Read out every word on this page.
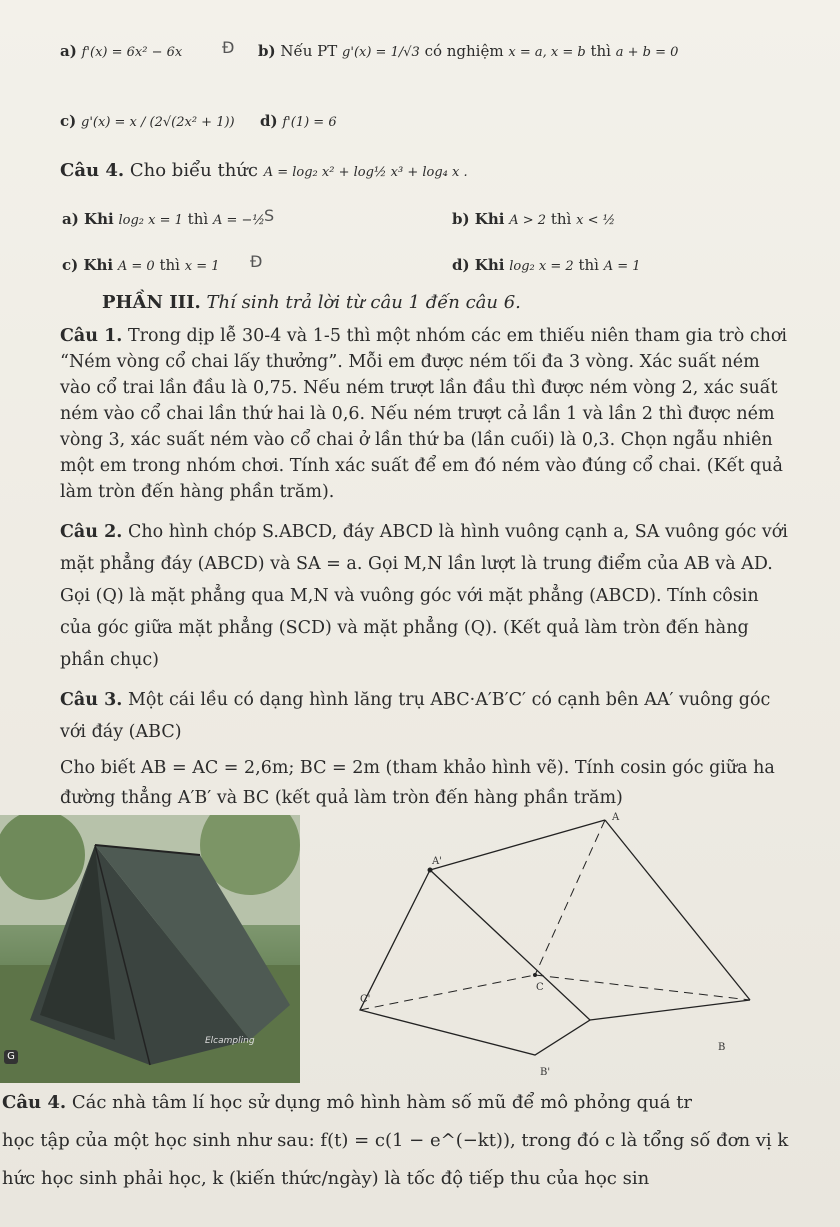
a) f'(x) = 6x² − 6x Đ b) Nếu PT g'(x) = 1/√3 có nghiệm x = a, x = b thì a + b = 0
c) g'(x) = x / (2√(2x² + 1)) d) f'(1) = 6
Câu 4. Cho biểu thức A = log₂ x² + log½ x³ + log₄ x .
a) Khi log₂ x = 1 thì A = −½ S	b) Khi A > 2 thì x < ½
c) Khi A = 0 thì x = 1 Đ	d) Khi log₂ x = 2 thì A = 1
PHẦN III. Thí sinh trả lời từ câu 1 đến câu 6.
Câu 1. Trong dịp lễ 30-4 và 1-5 thì một nhóm các em thiếu niên tham gia trò chơi
“Ném vòng cổ chai lấy thưởng”. Mỗi em được ném tối đa 3 vòng. Xác suất ném
vào cổ trai lần đầu là 0,75. Nếu ném trượt lần đầu thì được ném vòng 2, xác suất
ném vào cổ chai lần thứ hai là 0,6. Nếu ném trượt cả lần 1 và lần 2 thì được ném
vòng 3, xác suất ném vào cổ chai ở lần thứ ba (lần cuối) là 0,3. Chọn ngẫu nhiên
một em trong nhóm chơi. Tính xác suất để em đó ném vào đúng cổ chai. (Kết quả
làm tròn đến hàng phần trăm).
Câu 2. Cho hình chóp S.ABCD, đáy ABCD là hình vuông cạnh a, SA vuông góc với
mặt phẳng đáy (ABCD) và SA = a. Gọi M,N lần lượt là trung điểm của AB và AD.
Gọi (Q) là mặt phẳng qua M,N và vuông góc với mặt phẳng (ABCD). Tính côsin
của góc giữa mặt phẳng (SCD) và mặt phẳng (Q). (Kết quả làm tròn đến hàng
phần chục)
Câu 3. Một cái lều có dạng hình lăng trụ ABC·A′B′C′ có cạnh bên AA′ vuông góc
với đáy (ABC)
Cho biết AB = AC = 2,6m; BC = 2m (tham khảo hình vẽ). Tính cosin góc giữa ha
đường thẳng A′B′ và BC (kết quả làm tròn đến hàng phần trăm)
Elcampling
G
A
A'
C
C'
B
B'
Câu 4. Các nhà tâm lí học sử dụng mô hình hàm số mũ để mô phỏng quá tr
học tập của một học sinh như sau: f(t) = c(1 − e^(−kt)), trong đó c là tổng số đơn vị k
hức học sinh phải học, k (kiến thức/ngày) là tốc độ tiếp thu của học sin
